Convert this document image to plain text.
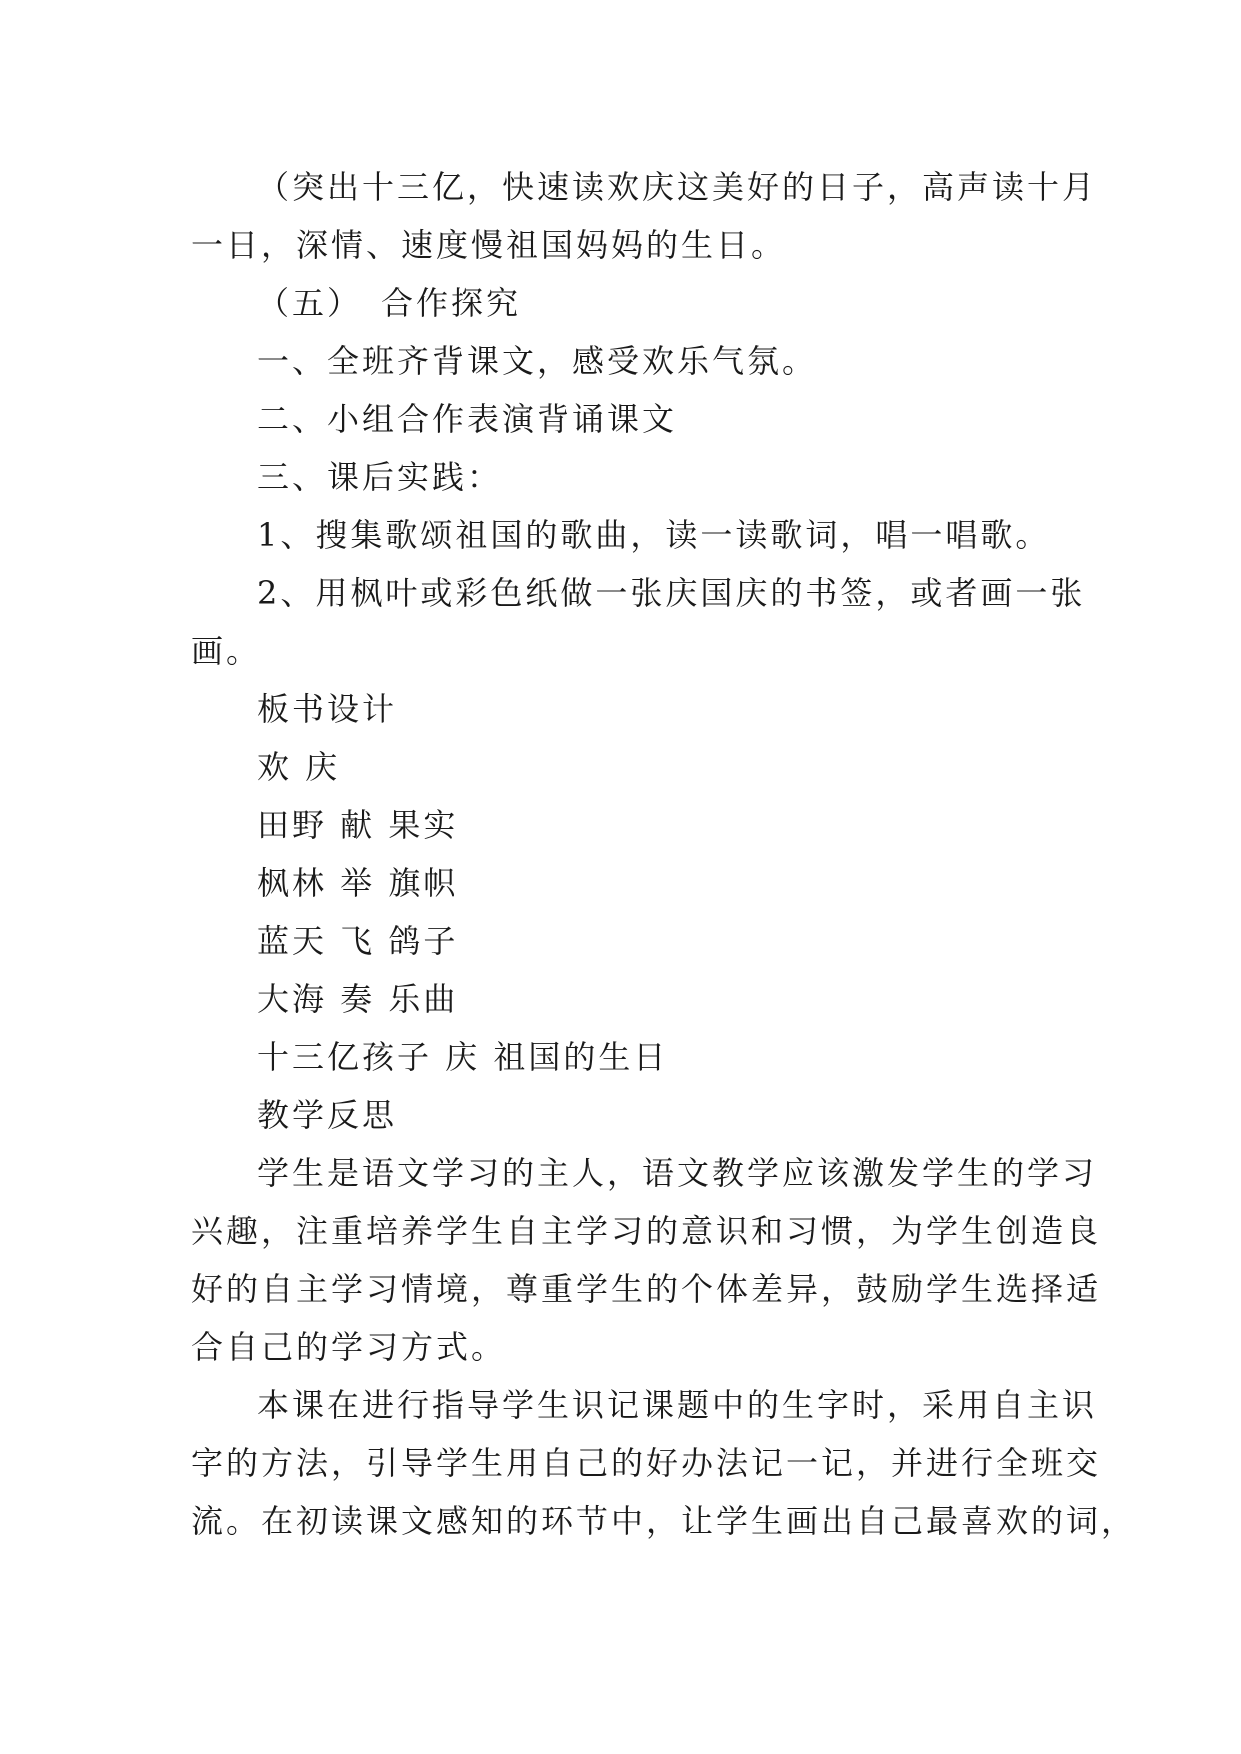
（突出十三亿，快速读欢庆这美好的日子，高声读十月

一日，深情、速度慢祖国妈妈的生日。

（五）　合作探究

一、全班齐背课文，感受欢乐气氛。

二、小组合作表演背诵课文

三、课后实践：

1、搜集歌颂祖国的歌曲，读一读歌词，唱一唱歌。

2、用枫叶或彩色纸做一张庆国庆的书签，或者画一张

画。

板书设计

欢 庆

田野 献 果实

枫林 举 旗帜

蓝天 飞 鸽子

大海 奏 乐曲

十三亿孩子 庆 祖国的生日

教学反思

学生是语文学习的主人，语文教学应该激发学生的学习

兴趣，注重培养学生自主学习的意识和习惯，为学生创造良

好的自主学习情境，尊重学生的个体差异，鼓励学生选择适

合自己的学习方式。

本课在进行指导学生识记课题中的生字时，采用自主识

字的方法，引导学生用自己的好办法记一记，并进行全班交

流。在初读课文感知的环节中，让学生画出自己最喜欢的词，
